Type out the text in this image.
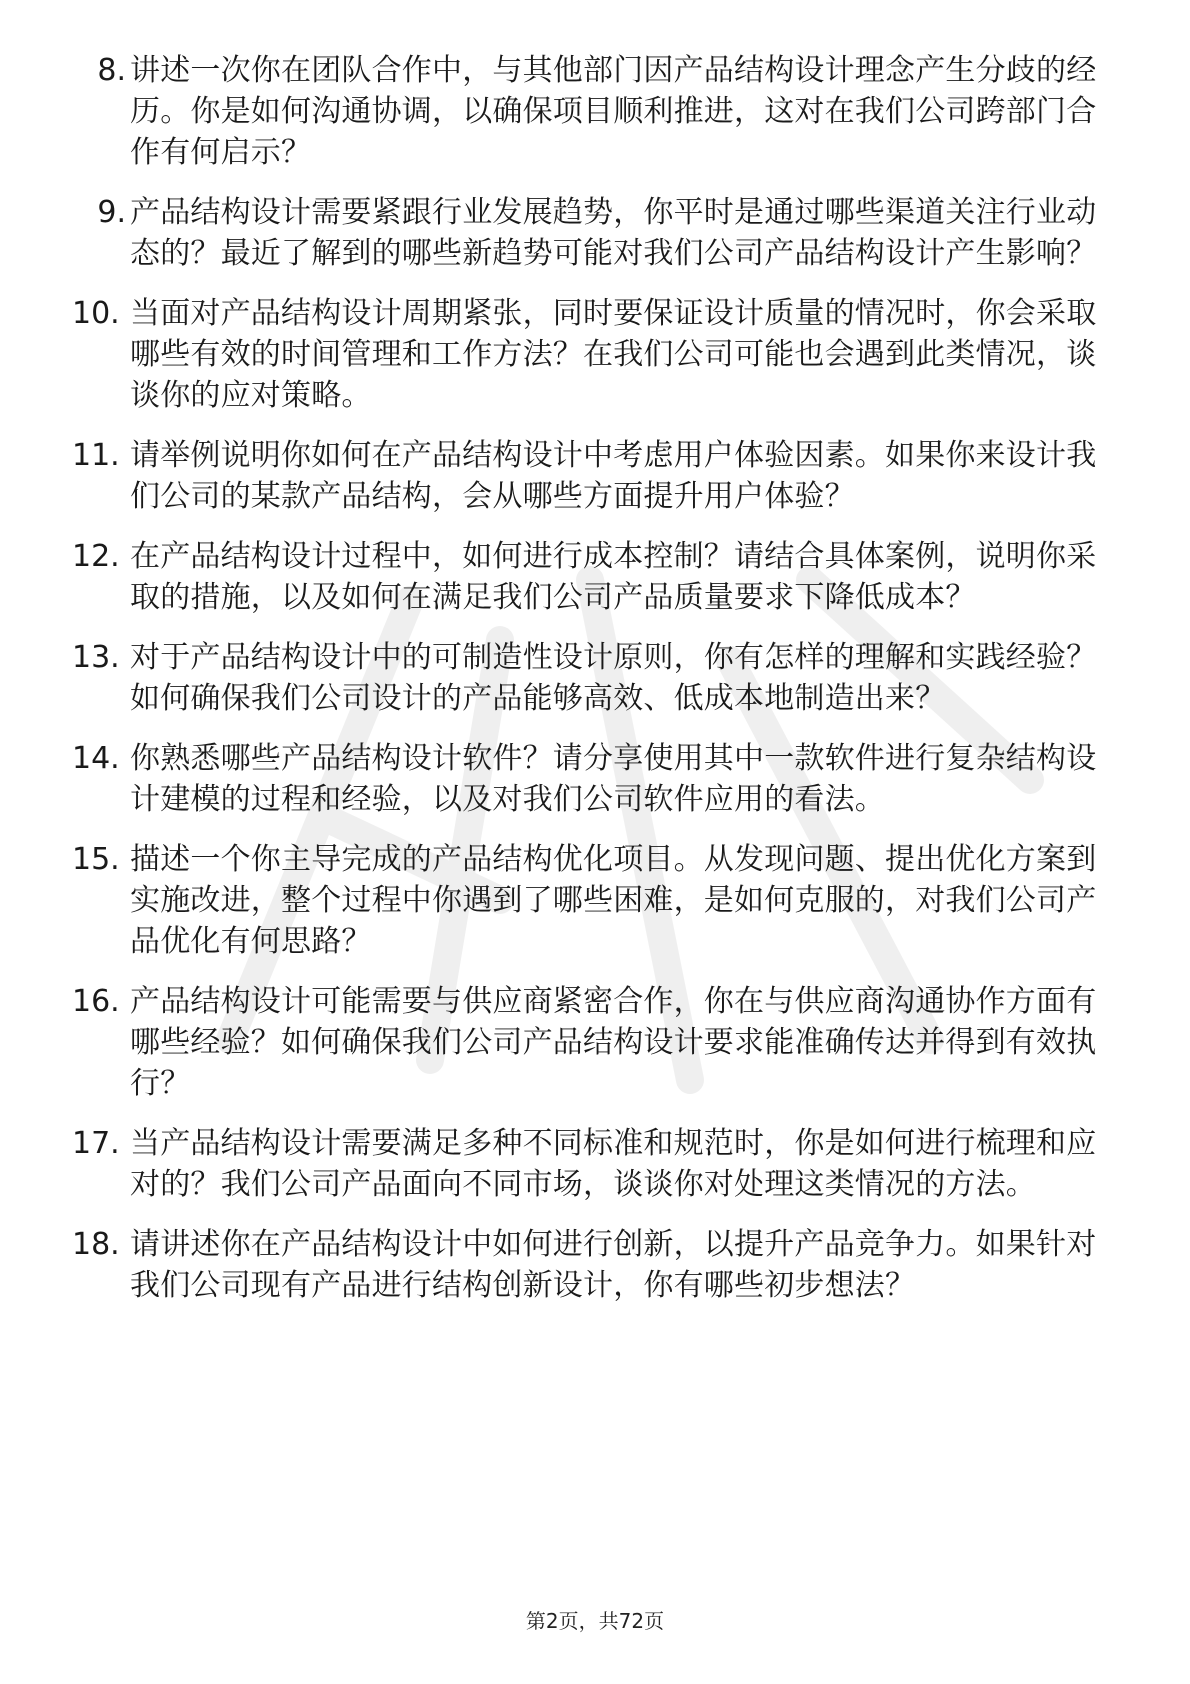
8. 讲述一次你在团队合作中，与其他部门因产品结构设计理念产生分歧的经历。你是如何沟通协调，以确保项目顺利推进，这对在我们公司跨部门合作有何启示？
9. 产品结构设计需要紧跟行业发展趋势，你平时是通过哪些渠道关注行业动态的？最近了解到的哪些新趋势可能对我们公司产品结构设计产生影响？
10. 当面对产品结构设计周期紧张，同时要保证设计质量的情况时，你会采取哪些有效的时间管理和工作方法？在我们公司可能也会遇到此类情况，谈谈你的应对策略。
11. 请举例说明你如何在产品结构设计中考虑用户体验因素。如果你来设计我们公司的某款产品结构，会从哪些方面提升用户体验？
12. 在产品结构设计过程中，如何进行成本控制？请结合具体案例，说明你采取的措施，以及如何在满足我们公司产品质量要求下降低成本？
13. 对于产品结构设计中的可制造性设计原则，你有怎样的理解和实践经验？如何确保我们公司设计的产品能够高效、低成本地制造出来？
14. 你熟悉哪些产品结构设计软件？请分享使用其中一款软件进行复杂结构设计建模的过程和经验，以及对我们公司软件应用的看法。
15. 描述一个你主导完成的产品结构优化项目。从发现问题、提出优化方案到实施改进，整个过程中你遇到了哪些困难，是如何克服的，对我们公司产品优化有何思路？
16. 产品结构设计可能需要与供应商紧密合作，你在与供应商沟通协作方面有哪些经验？如何确保我们公司产品结构设计要求能准确传达并得到有效执行？
17. 当产品结构设计需要满足多种不同标准和规范时，你是如何进行梳理和应对的？我们公司产品面向不同市场，谈谈你对处理这类情况的方法。
18. 请讲述你在产品结构设计中如何进行创新，以提升产品竞争力。如果针对我们公司现有产品进行结构创新设计，你有哪些初步想法？
第2页，共72页
